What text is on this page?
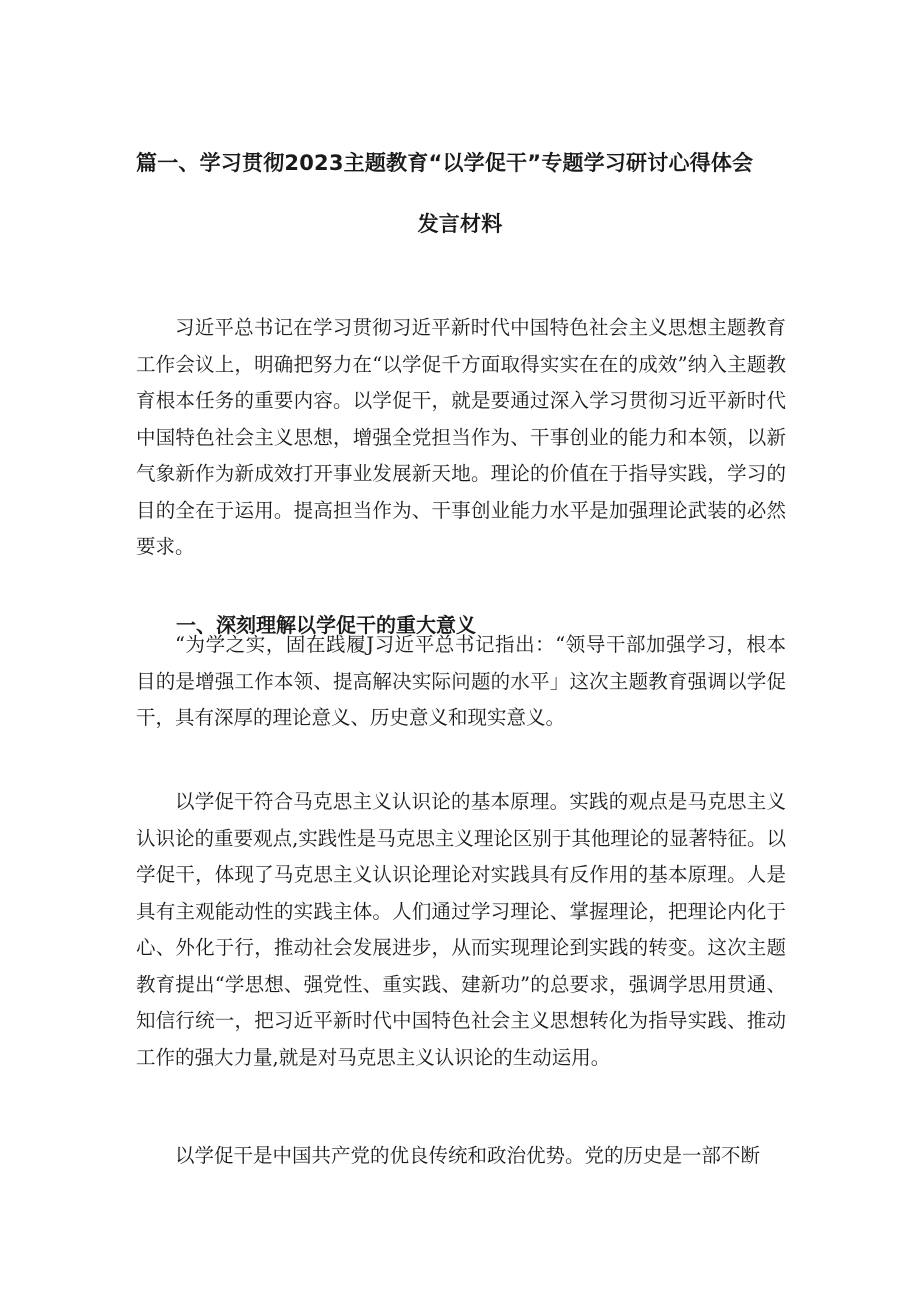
篇一、学习贯彻2023主题教育“以学促干”专题学习研讨心得体会
发言材料

习近平总书记在学习贯彻习近平新时代中国特色社会主义思想主题教育工作会议上，明确把努力在“以学促千方面取得实实在在的成效”纳入主题教育根本任务的重要内容。以学促干，就是要通过深入学习贯彻习近平新时代中国特色社会主义思想，增强全党担当作为、干事创业的能力和本领，以新气象新作为新成效打开事业发展新天地。理论的价值在于指导实践，学习的目的全在于运用。提高担当作为、干事创业能力水平是加强理论武装的必然要求。

一、深刻理解以学促干的重大意义

“为学之实，固在践履J习近平总书记指出：“领导干部加强学习，根本目的是增强工作本领、提高解决实际问题的水平」这次主题教育强调以学促干，具有深厚的理论意义、历史意义和现实意义。

以学促干符合马克思主义认识论的基本原理。实践的观点是马克思主义认识论的重要观点,实践性是马克思主义理论区别于其他理论的显著特征。以学促干，体现了马克思主义认识论理论对实践具有反作用的基本原理。人是具有主观能动性的实践主体。人们通过学习理论、掌握理论，把理论内化于心、外化于行，推动社会发展进步，从而实现理论到实践的转变。这次主题教育提出“学思想、强党性、重实践、建新功”的总要求，强调学思用贯通、知信行统一，把习近平新时代中国特色社会主义思想转化为指导实践、推动工作的强大力量,就是对马克思主义认识论的生动运用。

以学促干是中国共产党的优良传统和政治优势。党的历史是一部不断
